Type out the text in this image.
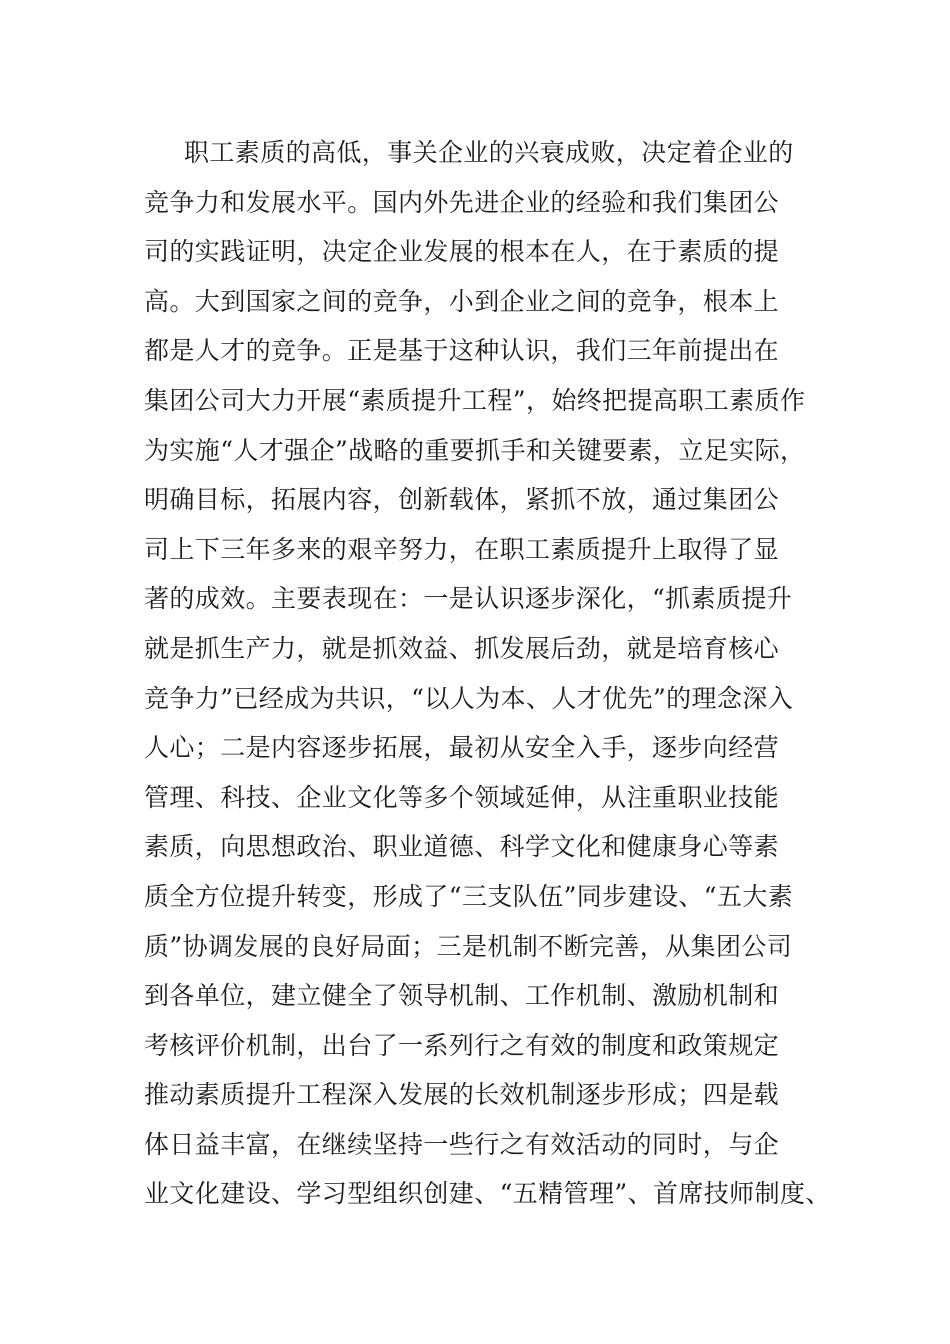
职工素质的高低，事关企业的兴衰成败，决定着企业的
竞争力和发展水平。国内外先进企业的经验和我们集团公
司的实践证明，决定企业发展的根本在人，在于素质的提
高。大到国家之间的竞争，小到企业之间的竞争，根本上
都是人才的竞争。正是基于这种认识，我们三年前提出在
集团公司大力开展“素质提升工程”，始终把提高职工素质作
为实施“人才强企”战略的重要抓手和关键要素，立足实际，
明确目标，拓展内容，创新载体，紧抓不放，通过集团公
司上下三年多来的艰辛努力，在职工素质提升上取得了显
著的成效。主要表现在：一是认识逐步深化，“抓素质提升
就是抓生产力，就是抓效益、抓发展后劲，就是培育核心
竞争力”已经成为共识，“以人为本、人才优先”的理念深入
人心；二是内容逐步拓展，最初从安全入手，逐步向经营
管理、科技、企业文化等多个领域延伸，从注重职业技能
素质，向思想政治、职业道德、科学文化和健康身心等素
质全方位提升转变，形成了“三支队伍”同步建设、“五大素
质”协调发展的良好局面；三是机制不断完善，从集团公司
到各单位，建立健全了领导机制、工作机制、激励机制和
考核评价机制，出台了一系列行之有效的制度和政策规定
推动素质提升工程深入发展的长效机制逐步形成；四是载
体日益丰富，在继续坚持一些行之有效活动的同时，与企
业文化建设、学习型组织创建、“五精管理”、首席技师制度、
